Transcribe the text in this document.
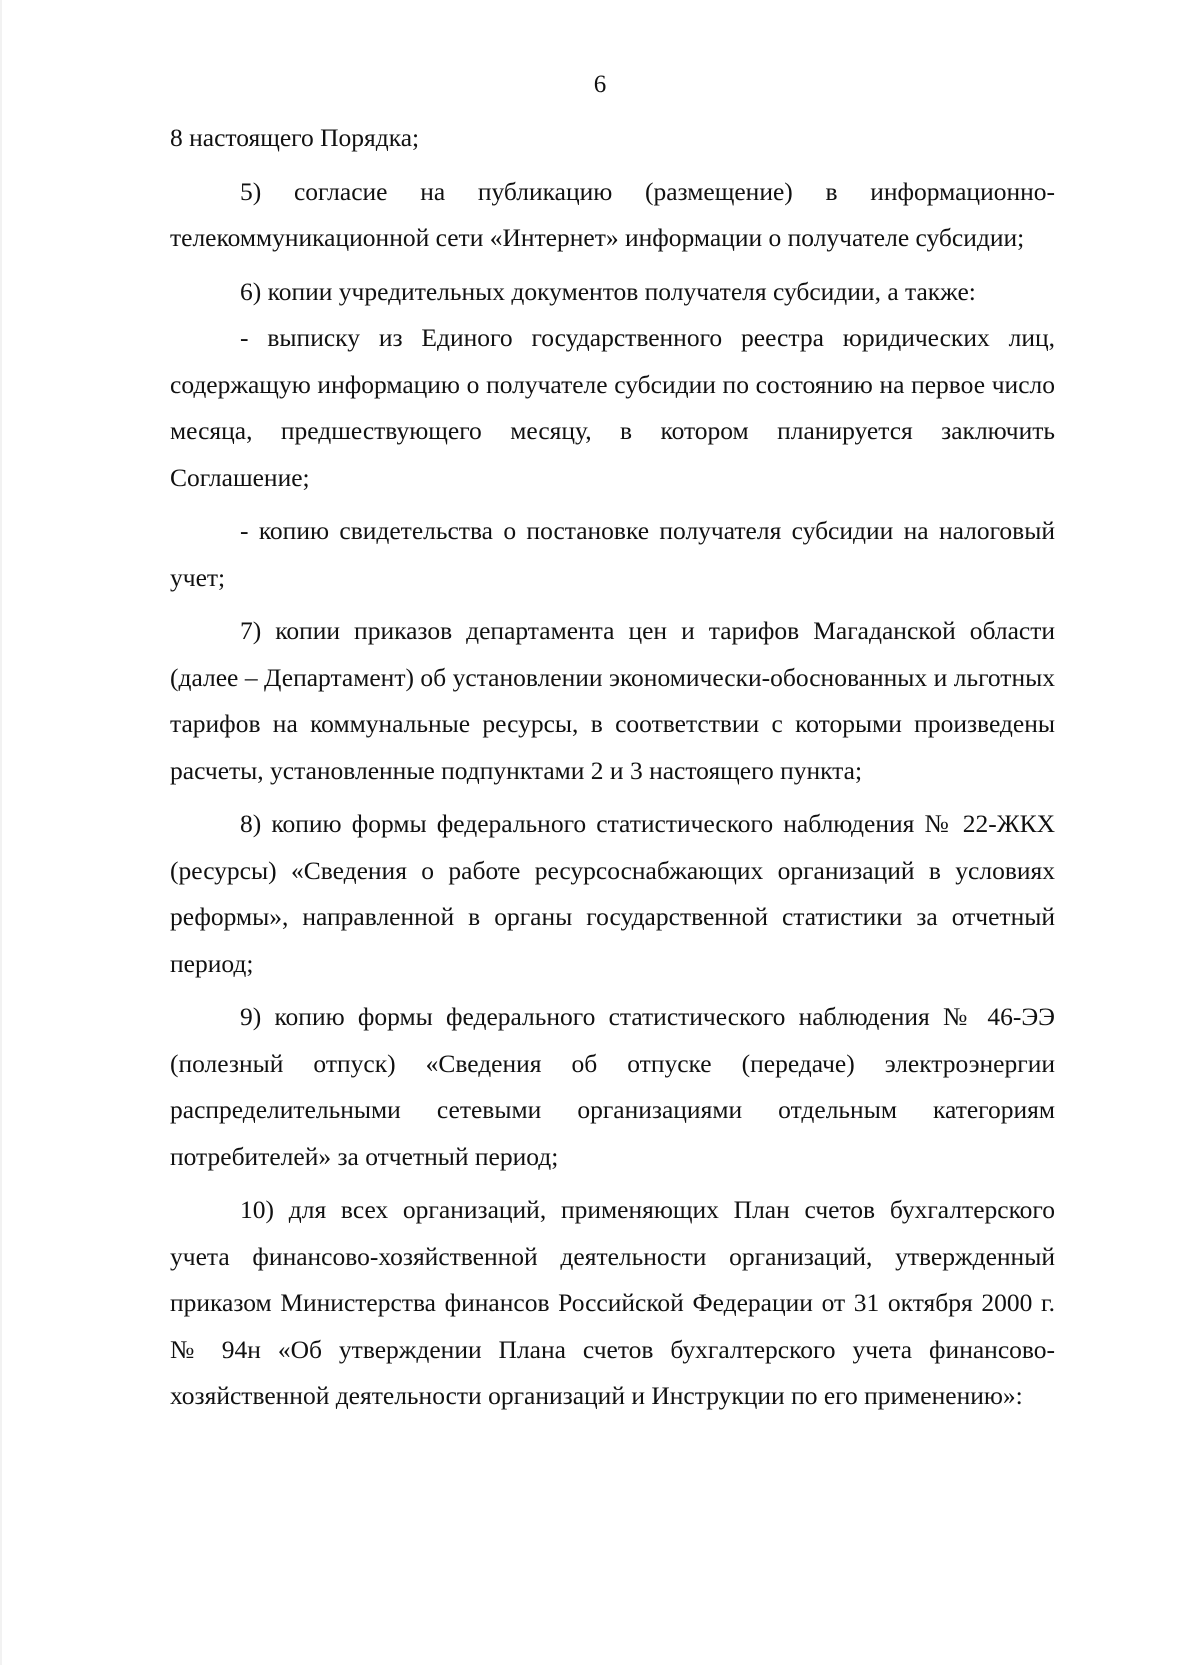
6

8 настоящего Порядка;

5) согласие на публикацию (размещение) в информационно-телекоммуникационной сети «Интернет» информации о получателе субсидии;

6) копии учредительных документов получателя субсидии, а также:

- выписку из Единого государственного реестра юридических лиц, содержащую информацию о получателе субсидии по состоянию на первое число месяца, предшествующего месяцу, в котором планируется заключить Соглашение;

- копию свидетельства о постановке получателя субсидии на налоговый учет;

7) копии приказов департамента цен и тарифов Магаданской области (далее – Департамент) об установлении экономически-обоснованных и льготных тарифов на коммунальные ресурсы, в соответствии с которыми произведены расчеты, установленные подпунктами 2 и 3 настоящего пункта;

8) копию формы федерального статистического наблюдения № 22-ЖКХ (ресурсы) «Сведения о работе ресурсоснабжающих организаций в условиях реформы», направленной в органы государственной статистики за отчетный период;

9) копию формы федерального статистического наблюдения № 46-ЭЭ (полезный отпуск) «Сведения об отпуске (передаче) электроэнергии распределительными сетевыми организациями отдельным категориям потребителей» за отчетный период;

10) для всех организаций, применяющих План счетов бухгалтерского учета финансово-хозяйственной деятельности организаций, утвержденный приказом Министерства финансов Российской Федерации от 31 октября 2000 г. № 94н «Об утверждении Плана счетов бухгалтерского учета финансово-хозяйственной деятельности организаций и Инструкции по его применению»:
